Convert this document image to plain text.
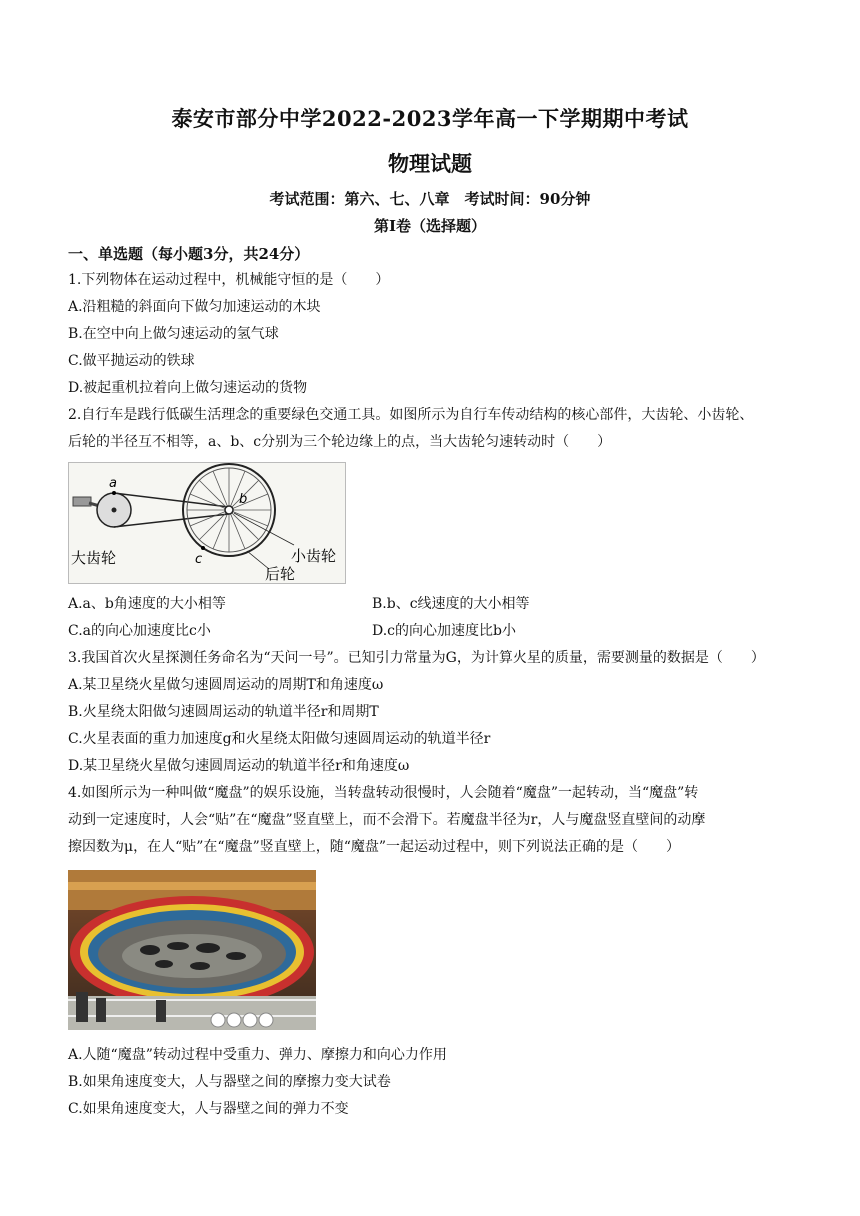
泰安市部分中学2022-2023学年高一下学期期中考试
物理试题
考试范围：第六、七、八章　考试时间：90分钟
第I卷（选择题）
一、单选题（每小题3分，共24分）
1.下列物体在运动过程中，机械能守恒的是（　　）
A.沿粗糙的斜面向下做匀加速运动的木块
B.在空中向上做匀速运动的氢气球
C.做平抛运动的铁球
D.被起重机拉着向上做匀速运动的货物
2.自行车是践行低碳生活理念的重要绿色交通工具。如图所示为自行车传动结构的核心部件，大齿轮、小齿轮、
后轮的半径互不相等，a、b、c分别为三个轮边缘上的点，当大齿轮匀速转动时（　　）
a
b
c
大齿轮	小齿轮
后轮
A.a、b角速度的大小相等	B.b、c线速度的大小相等
C.a的向心加速度比c小	D.c的向心加速度比b小
3.我国首次火星探测任务命名为“天问一号”。已知引力常量为G，为计算火星的质量，需要测量的数据是（　　）
A.某卫星绕火星做匀速圆周运动的周期T和角速度ω
B.火星绕太阳做匀速圆周运动的轨道半径r和周期T
C.火星表面的重力加速度g和火星绕太阳做匀速圆周运动的轨道半径r
D.某卫星绕火星做匀速圆周运动的轨道半径r和角速度ω
4.如图所示为一种叫做“魔盘”的娱乐设施，当转盘转动很慢时，人会随着“魔盘”一起转动，当“魔盘”转
动到一定速度时，人会“贴”在“魔盘”竖直壁上，而不会滑下。若魔盘半径为r，人与魔盘竖直壁间的动摩
擦因数为μ，在人“贴”在“魔盘”竖直壁上，随“魔盘”一起运动过程中，则下列说法正确的是（　　）
A.人随“魔盘”转动过程中受重力、弹力、摩擦力和向心力作用
B.如果角速度变大，人与器壁之间的摩擦力变大试卷
C.如果角速度变大，人与器壁之间的弹力不变
